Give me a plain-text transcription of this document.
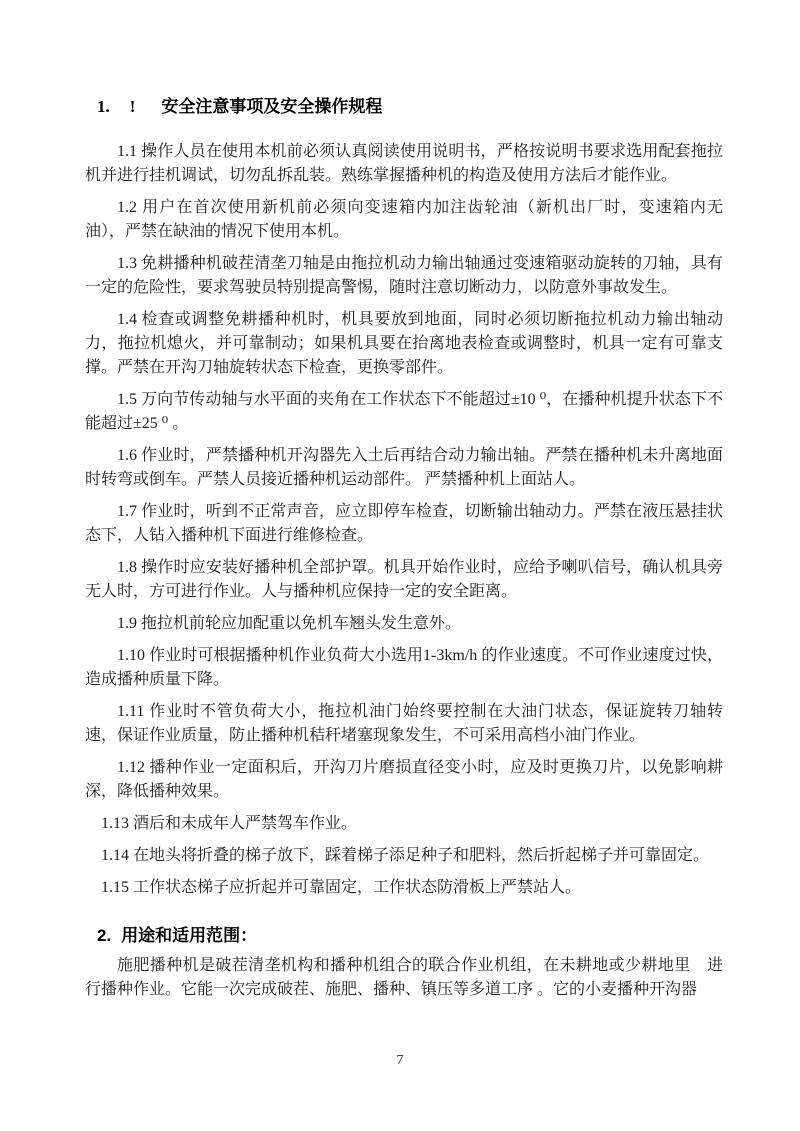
1. ! 安全注意事项及安全操作规程

1.1 操作人员在使用本机前必须认真阅读使用说明书，严格按说明书要求选用配套拖拉机并进行挂机调试，切勿乱拆乱装。熟练掌握播种机的构造及使用方法后才能作业。

1.2 用户在首次使用新机前必须向变速箱内加注齿轮油（新机出厂时，变速箱内无油），严禁在缺油的情况下使用本机。

1.3 免耕播种机破茬清垄刀轴是由拖拉机动力输出轴通过变速箱驱动旋转的刀轴，具有一定的危险性，要求驾驶员特别提高警惕，随时注意切断动力，以防意外事故发生。

1.4 检查或调整免耕播种机时，机具要放到地面，同时必须切断拖拉机动力输出轴动力，拖拉机熄火，并可靠制动；如果机具要在抬离地表检查或调整时，机具一定有可靠支撑。严禁在开沟刀轴旋转状态下检查，更换零部件。

1.5 万向节传动轴与水平面的夹角在工作状态下不能超过±10 ⁰，在播种机提升状态下不能超过±25 ⁰ 。

1.6 作业时，严禁播种机开沟器先入土后再结合动力输出轴。严禁在播种机未升离地面时转弯或倒车。严禁人员接近播种机运动部件。 严禁播种机上面站人。

1.7 作业时，听到不正常声音，应立即停车检查，切断输出轴动力。严禁在液压悬挂状态下，人钻入播种机下面进行维修检查。

1.8 操作时应安装好播种机全部护罩。机具开始作业时，应给予喇叭信号，确认机具旁无人时，方可进行作业。人与播种机应保持一定的安全距离。

1.9 拖拉机前轮应加配重以免机车翘头发生意外。

1.10 作业时可根据播种机作业负荷大小选用1-3km/h 的作业速度。不可作业速度过快，造成播种质量下降。

1.11 作业时不管负荷大小，拖拉机油门始终要控制在大油门状态，保证旋转刀轴转速，保证作业质量，防止播种机秸秆堵塞现象发生，不可采用高档小油门作业。

1.12 播种作业一定面积后，开沟刀片磨损直径变小时，应及时更换刀片，以免影响耕深，降低播种效果。

1.13 酒后和未成年人严禁驾车作业。

1.14 在地头将折叠的梯子放下，踩着梯子添足种子和肥料，然后折起梯子并可靠固定。

1.15 工作状态梯子应折起并可靠固定，工作状态防滑板上严禁站人。

2. 用途和适用范围：

施肥播种机是破茬清垄机构和播种机组合的联合作业机组，在未耕地或少耕地里　进行播种作业。它能一次完成破茬、施肥、播种、镇压等多道工序 。它的小麦播种开沟器

7
